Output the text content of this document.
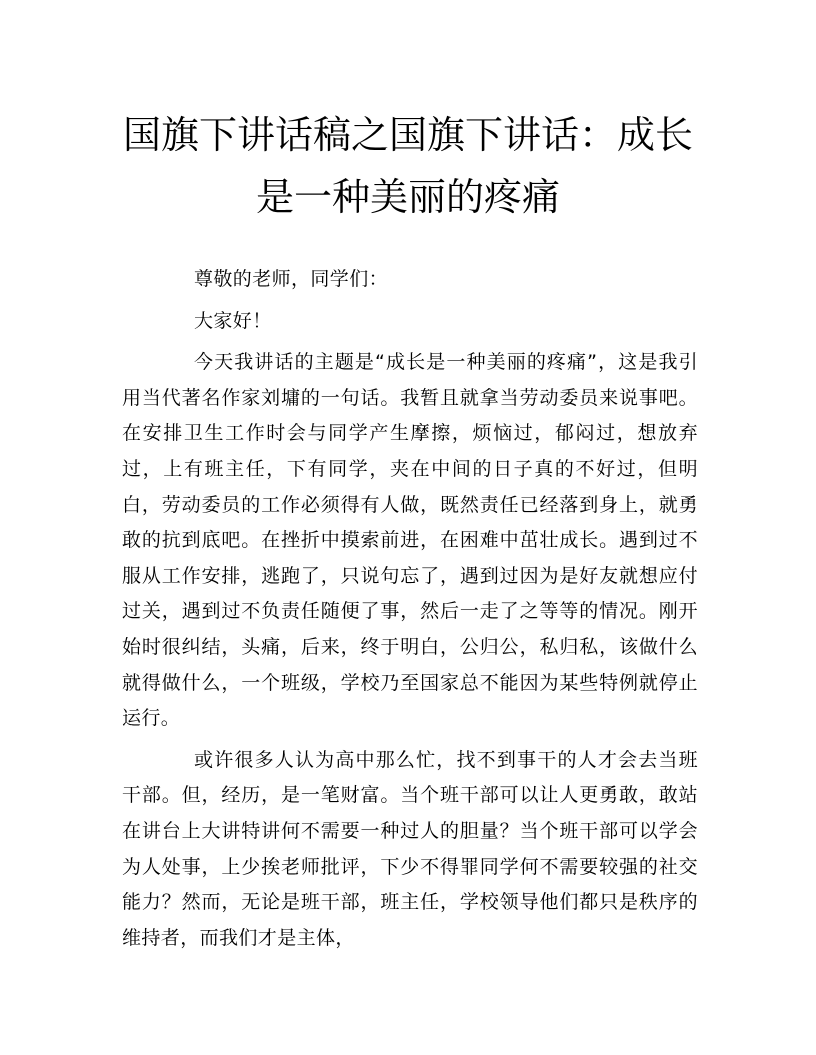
国旗下讲话稿之国旗下讲话：成长是一种美丽的疼痛

尊敬的老师，同学们：

大家好！

今天我讲话的主题是“成长是一种美丽的疼痛”，这是我引用当代著名作家刘墉的一句话。我暂且就拿当劳动委员来说事吧。在安排卫生工作时会与同学产生摩擦，烦恼过，郁闷过，想放弃过，上有班主任，下有同学，夹在中间的日子真的不好过，但明白，劳动委员的工作必须得有人做，既然责任已经落到身上，就勇敢的抗到底吧。在挫折中摸索前进，在困难中茁壮成长。遇到过不服从工作安排，逃跑了，只说句忘了，遇到过因为是好友就想应付过关，遇到过不负责任随便了事，然后一走了之等等的情况。刚开始时很纠结，头痛，后来，终于明白，公归公，私归私，该做什么就得做什么，一个班级，学校乃至国家总不能因为某些特例就停止运行。

或许很多人认为高中那么忙，找不到事干的人才会去当班干部。但，经历，是一笔财富。当个班干部可以让人更勇敢，敢站在讲台上大讲特讲何不需要一种过人的胆量？当个班干部可以学会为人处事，上少挨老师批评，下少不得罪同学何不需要较强的社交能力？然而，无论是班干部，班主任，学校领导他们都只是秩序的维持者，而我们才是主体，
